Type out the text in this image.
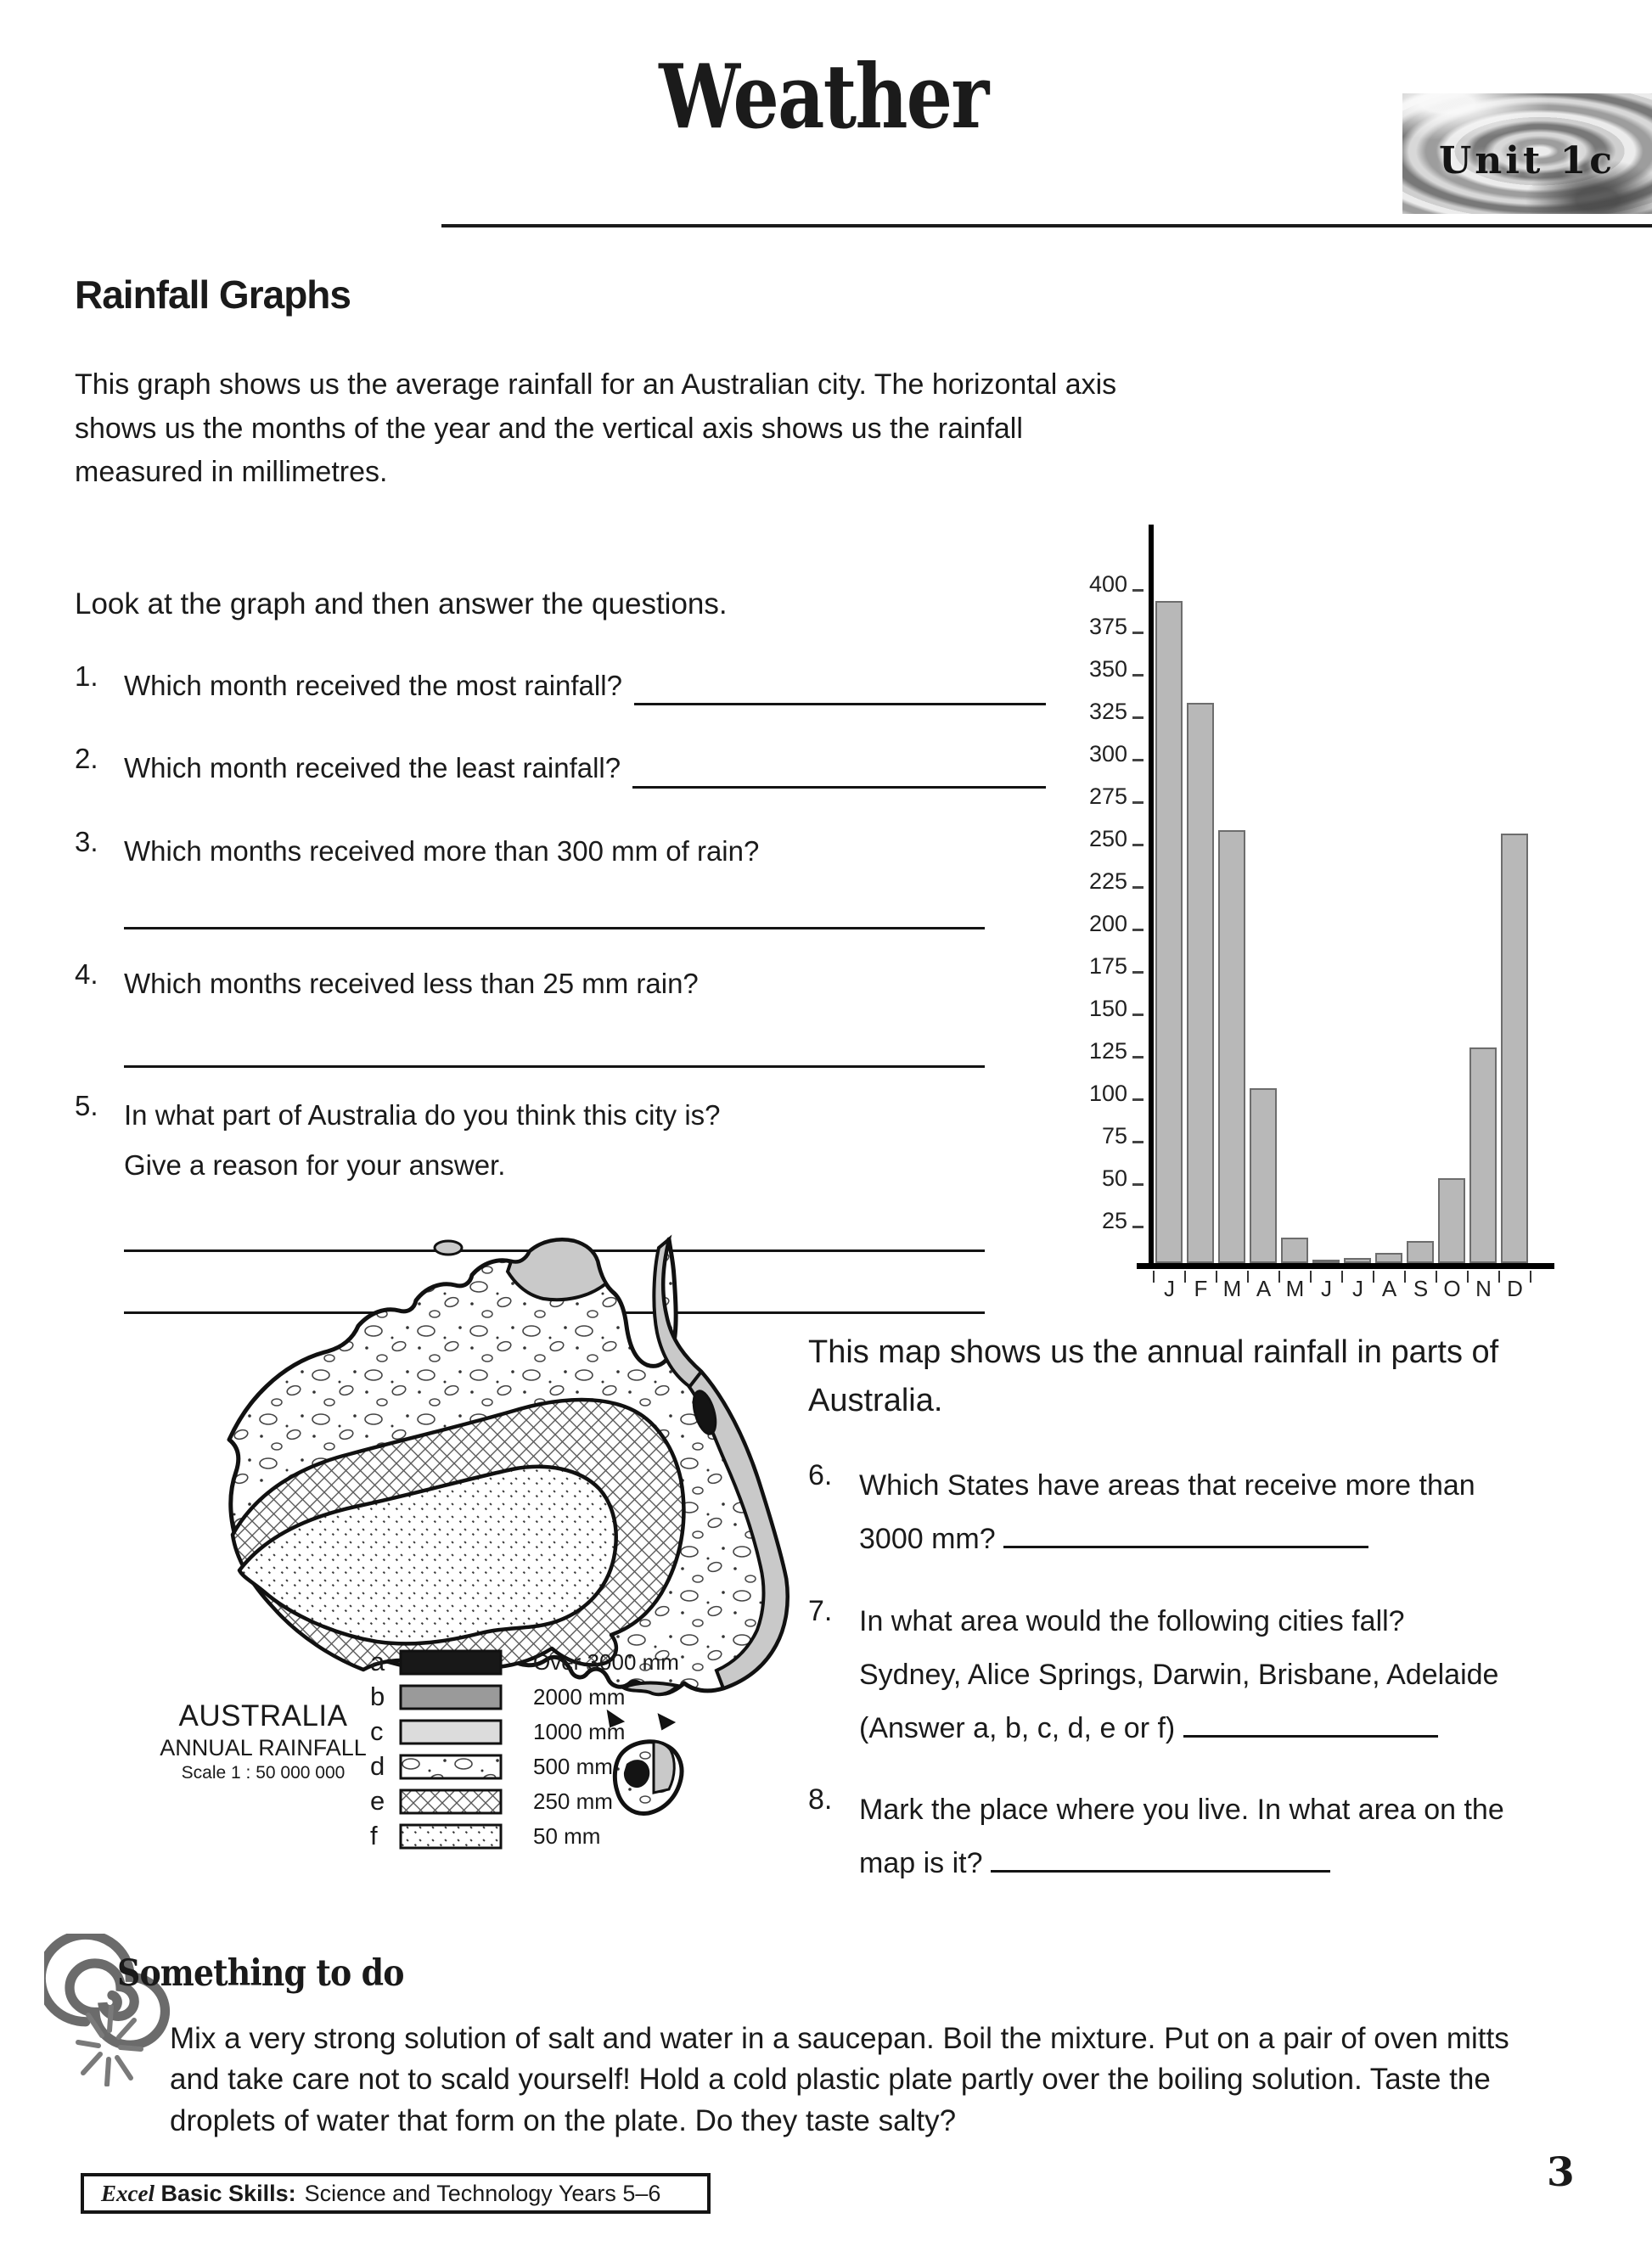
Weather
Unit 1c
Rainfall Graphs
This graph shows us the average rainfall for an Australian city. The horizontal axis shows us the months of the year and the vertical axis shows us the rainfall measured in millimetres.

Look at the graph and then answer the questions.

1. Which month received the most rainfall?
2. Which month received the least rainfall?
3. Which months received more than 300 mm of rain?
4. Which months received less than 25 mm rain?
5. In what part of Australia do you think this city is?
Give a reason for your answer.
400
375
350
325
300
275
250
225
200
175
150
125
100
75
50
25
J F M A M J J A S O N D
a	Over 3000 mm
b	2000 mm
c	1000 mm
d	500 mm
e	250 mm
f	50 mm
AUSTRALIA
ANNUAL RAINFALL
Scale 1 : 50 000 000

This map shows us the annual rainfall in parts of Australia.

6. Which States have areas that receive more than 3000 mm?
7. In what area would the following cities fall?
Sydney, Alice Springs, Darwin, Brisbane, Adelaide
(Answer a, b, c, d, e or f)
8. Mark the place where you live. In what area on the map is it?
Something to do
Mix a very strong solution of salt and water in a saucepan. Boil the mixture. Put on a pair of oven mitts and take care not to scald yourself! Hold a cold plastic plate partly over the boiling solution. Taste the droplets of water that form on the plate. Do they taste salty?
Excel
Basic Skills: Science and Technology Years 5–6	3
